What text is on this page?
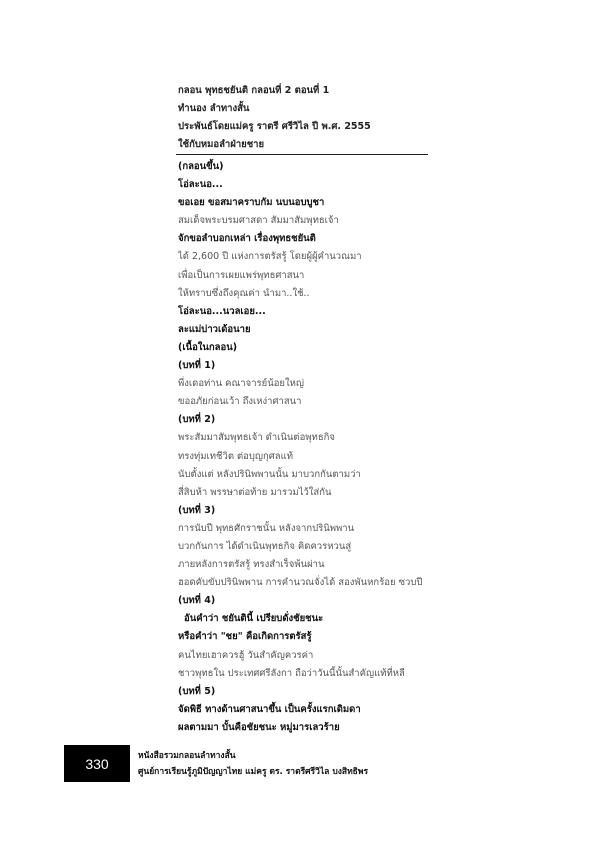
กลอน พุทธชยันติ กลอนที่ 2 ตอนที่ 1
ทำนอง ลำทางสั้น
ประพันธ์โดยแม่ครู ราตรี ศรีวิไล ปี พ.ศ. 2555
ใช้กับหมอลำฝ่ายชาย
(กลอนขึ้น)
โอ่ละนอ...
ขอเอย ขอสมาคราบกัม นบนอบบูชา
สมเด็จพระบรมศาสดา สัมมาสัมพุทธเจ้า
จักขอลำบอกเหล่า เรื่องพุทธชยันติ
ได้ 2,600 ปี แห่งการตรัสรู้ โดยผู้ผู้คำนวณมา
เพื่อเป็นการเผยแพร่พุทธศาสนา
ให้ทราบซึ่งถึงคุณค่า นำมา..ใช้..
โอ่ละนอ...นวลเอย...
ละแม่บ่าวเด้อนาย
(เนื้อในกลอน)
(บทที่ 1)
พี่งเดอท่าน คณาจารย์น้อยใหญ่
ขออภัยก่อนเว้า ถึงเหง่าศาสนา
(บทที่ 2)
พระสัมมาสัมพุทธเจ้า ดำเนินต่อพุทธกิจ
ทรงทุ่มเทชีวิต ต่อบุญกุศลแท้
นับตั้งแต่ หลังปรินิพพานนั้น มาบวกกันตามว่า
สี่สิบห้า พรรษาต่อท้าย มารวมไว้ใส่กัน
(บทที่ 3)
การนับปี พุทธศักราชนั้น หลังจากปรินิพพาน
บวกกันการ ได้ดำเนินพุทธกิจ คิดควรหวนสู่
ภายหลังการตรัสรู้ ทรงสำเร็จพ้นผ่าน
ฮอดคับขับปรินิพพาน การคำนวณจั่งได้ สองพันหกร้อย ซวบปี
(บทที่ 4)
อันคำว่า ชยันตินี้ เปรียบดั่งชัยชนะ
หรือคำว่า "ชย" คือเกิดการตรัสรู้
คนไทยเฮาควรฮู้ วันสำคัญควรค่า
ชาวพุทธใน ประเทศศรีลังกา ถือว่าวันนี้นั้นสำคัญแท้ที่หลี
(บทที่ 5)
จัดพิธี ทางด้านศาสนาขึ้น เป็นครั้งแรกเดิมดา
ผลตามมา บั้นคือชัยชนะ หมู่มารเลวร้าย
330	หนังสือรวมกลอนลำทางสั้น
ศูนย์การเรียนรู้ภูมิปัญญาไทย แม่ครู ดร. ราตรีศรีวิไล บงสิทธิพร
